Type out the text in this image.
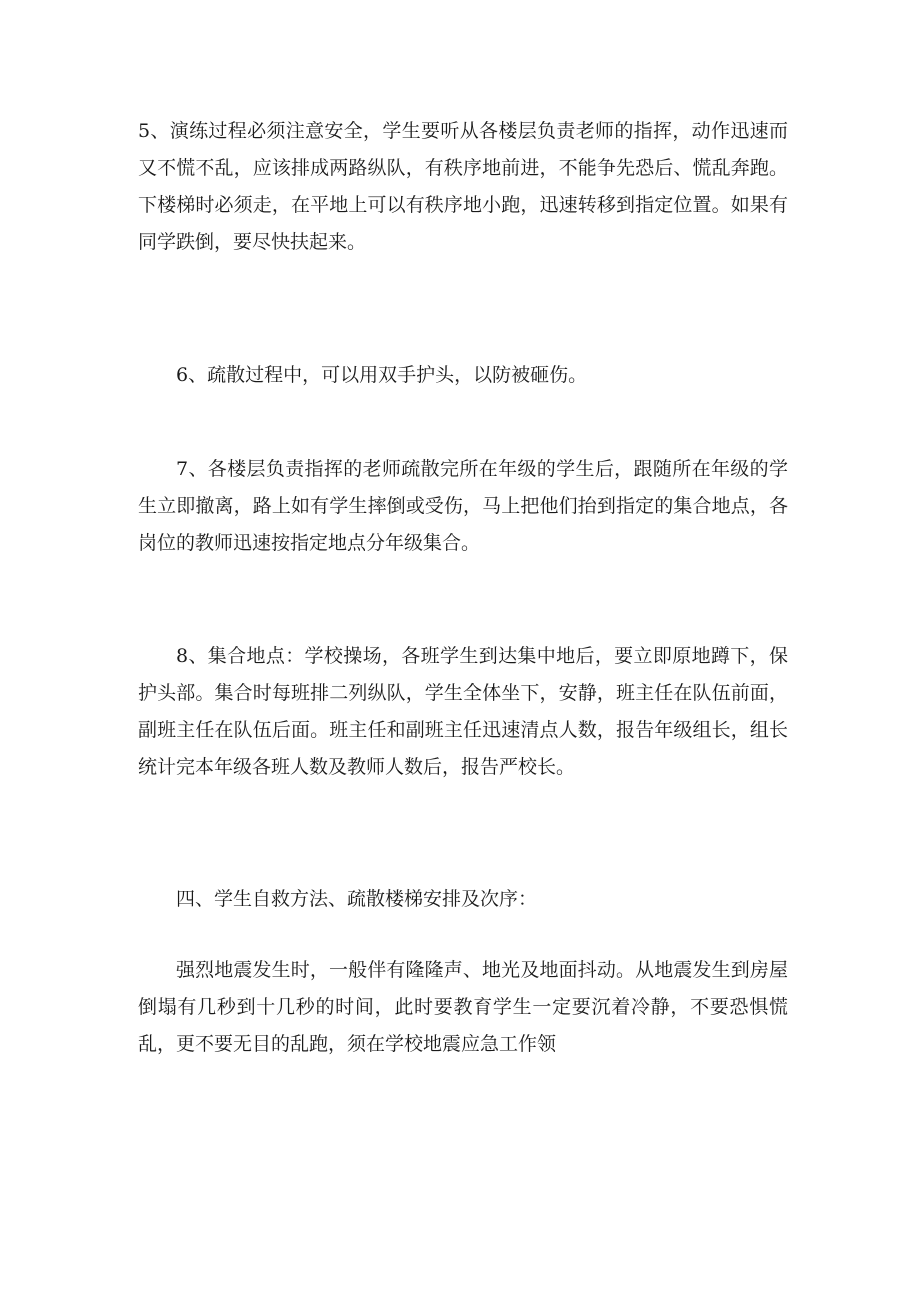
5、演练过程必须注意安全，学生要听从各楼层负责老师的指挥，动作迅速而又不慌不乱，应该排成两路纵队，有秩序地前进，不能争先恐后、慌乱奔跑。下楼梯时必须走，在平地上可以有秩序地小跑，迅速转移到指定位置。如果有同学跌倒，要尽快扶起来。

6、疏散过程中，可以用双手护头，以防被砸伤。

7、各楼层负责指挥的老师疏散完所在年级的学生后，跟随所在年级的学生立即撤离，路上如有学生摔倒或受伤，马上把他们抬到指定的集合地点，各岗位的教师迅速按指定地点分年级集合。

8、集合地点：学校操场，各班学生到达集中地后，要立即原地蹲下，保护头部。集合时每班排二列纵队，学生全体坐下，安静，班主任在队伍前面，副班主任在队伍后面。班主任和副班主任迅速清点人数，报告年级组长，组长统计完本年级各班人数及教师人数后，报告严校长。

四、学生自救方法、疏散楼梯安排及次序：

强烈地震发生时，一般伴有隆隆声、地光及地面抖动。从地震发生到房屋倒塌有几秒到十几秒的时间，此时要教育学生一定要沉着冷静，不要恐惧慌乱，更不要无目的乱跑，须在学校地震应急工作领
